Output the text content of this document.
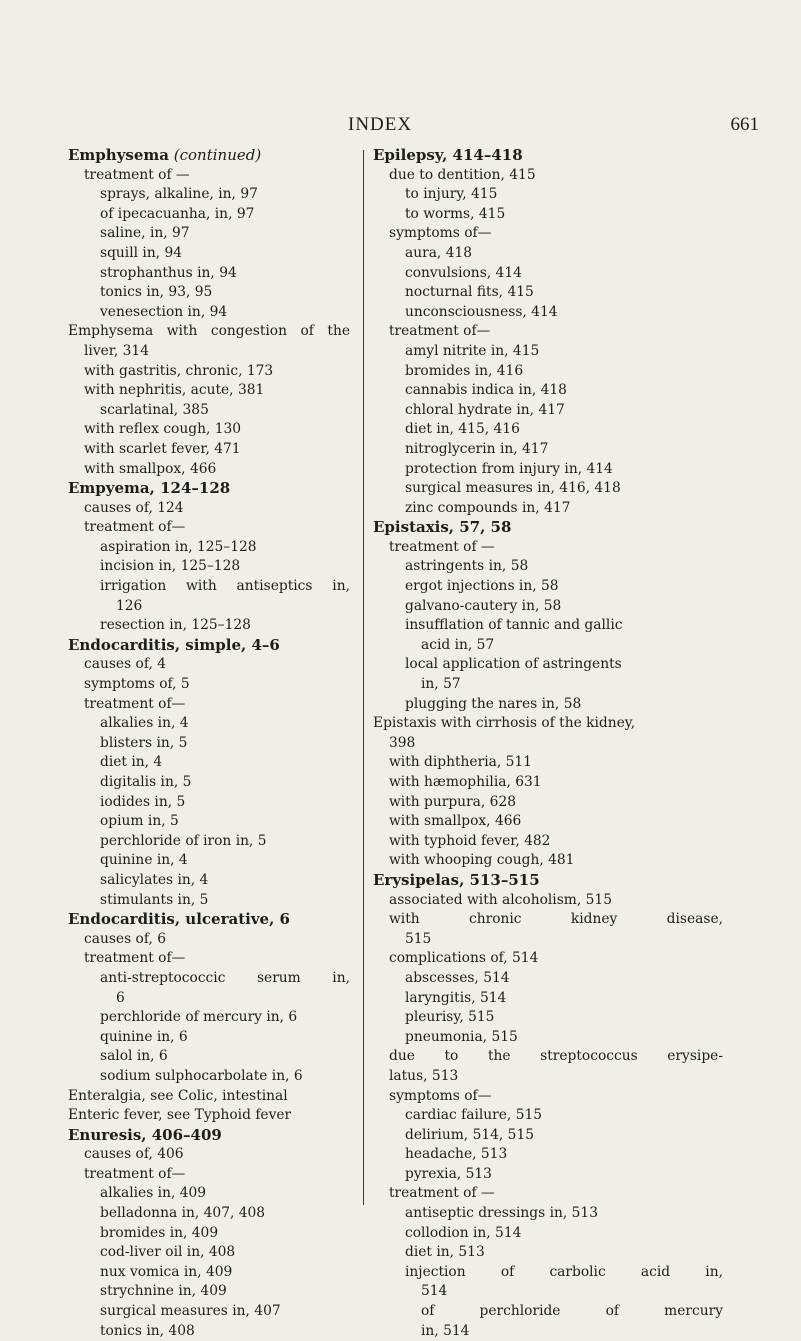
INDEX	661
Emphysema (continued)
treatment of —
sprays, alkaline, in, 97
of ipecacuanha, in, 97
saline, in, 97
squill in, 94
strophanthus in, 94
tonics in, 93, 95
venesection in, 94
Emphysema with congestion of the
liver, 314
with gastritis, chronic, 173
with nephritis, acute, 381
scarlatinal, 385
with reflex cough, 130
with scarlet fever, 471
with smallpox, 466
Empyema, 124–128
causes of, 124
treatment of—
aspiration in, 125–128
incision in, 125–128
irrigation with antiseptics in,
126
resection in, 125–128
Endocarditis, simple, 4–6
causes of, 4
symptoms of, 5
treatment of—
alkalies in, 4
blisters in, 5
diet in, 4
digitalis in, 5
iodides in, 5
opium in, 5
perchloride of iron in, 5
quinine in, 4
salicylates in, 4
stimulants in, 5
Endocarditis, ulcerative, 6
causes of, 6
treatment of—
anti-streptococcic serum in,
6
perchloride of mercury in, 6
quinine in, 6
salol in, 6
sodium sulphocarbolate in, 6
Enteralgia, see Colic, intestinal
Enteric fever, see Typhoid fever
Enuresis, 406–409
causes of, 406
treatment of—
alkalies in, 409
belladonna in, 407, 408
bromides in, 409
cod-liver oil in, 408
nux vomica in, 409
strychnine in, 409
surgical measures in, 407
tonics in, 408
Epilepsy, 414–418
due to dentition, 415
to injury, 415
to worms, 415
symptoms of—
aura, 418
convulsions, 414
nocturnal fits, 415
unconsciousness, 414
treatment of—
amyl nitrite in, 415
bromides in, 416
cannabis indica in, 418
chloral hydrate in, 417
diet in, 415, 416
nitroglycerin in, 417
protection from injury in, 414
surgical measures in, 416, 418
zinc compounds in, 417
Epistaxis, 57, 58
treatment of —
astringents in, 58
ergot injections in, 58
galvano-cautery in, 58
insufflation of tannic and gallic
acid in, 57
local application of astringents
in, 57
plugging the nares in, 58
Epistaxis with cirrhosis of the kidney,
398
with diphtheria, 511
with hæmophilia, 631
with purpura, 628
with smallpox, 466
with typhoid fever, 482
with whooping cough, 481
Erysipelas, 513–515
associated with alcoholism, 515
with chronic kidney disease,
515
complications of, 514
abscesses, 514
laryngitis, 514
pleurisy, 515
pneumonia, 515
due to the streptococcus erysipe-
latus, 513
symptoms of—
cardiac failure, 515
delirium, 514, 515
headache, 513
pyrexia, 513
treatment of —
antiseptic dressings in, 513
collodion in, 514
diet in, 513
injection of carbolic acid in,
514
of perchloride of mercury
in, 514
